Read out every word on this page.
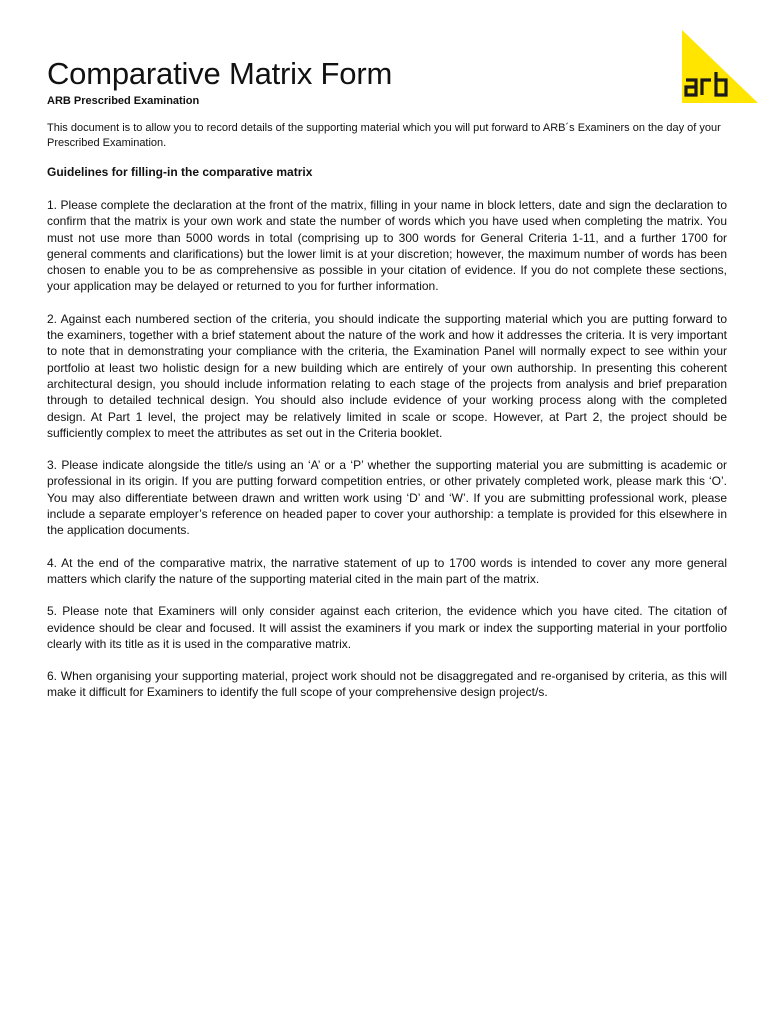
Comparative Matrix Form

ARB Prescribed Examination

This document is to allow you to record details of the supporting material which you will put forward to ARB´s Examiners on the day of your Prescribed Examination.

Guidelines for filling-in the comparative matrix

1. Please complete the declaration at the front of the matrix, filling in your name in block letters, date and sign the declaration to confirm that the matrix is your own work and state the number of words which you have used when completing the matrix. You must not use more than 5000 words in total (comprising up to 300 words for General Criteria 1-11, and a further 1700 for general comments and clarifications) but the lower limit is at your discretion; however, the maximum number of words has been chosen to enable you to be as comprehensive as possible in your citation of evidence. If you do not complete these sections, your application may be delayed or returned to you for further information.

2. Against each numbered section of the criteria, you should indicate the supporting material which you are putting forward to the examiners, together with a brief statement about the nature of the work and how it addresses the criteria. It is very important to note that in demonstrating your compliance with the criteria, the Examination Panel will normally expect to see within your portfolio at least two holistic design for a new building which are entirely of your own authorship. In presenting this coherent architectural design, you should include information relating to each stage of the projects from analysis and brief preparation through to detailed technical design. You should also include evidence of your working process along with the completed design. At Part 1 level, the project may be relatively limited in scale or scope. However, at Part 2, the project should be sufficiently complex to meet the attributes as set out in the Criteria booklet.

3. Please indicate alongside the title/s using an ‘A’ or a ‘P’ whether the supporting material you are submitting is academic or professional in its origin. If you are putting forward competition entries, or other privately completed work, please mark this ‘O’. You may also differentiate between drawn and written work using ‘D’ and ‘W’. If you are submitting professional work, please include a separate employer’s reference on headed paper to cover your authorship: a template is provided for this elsewhere in the application documents.

4. At the end of the comparative matrix, the narrative statement of up to 1700 words is intended to cover any more general matters which clarify the nature of the supporting material cited in the main part of the matrix.

5. Please note that Examiners will only consider against each criterion, the evidence which you have cited. The citation of evidence should be clear and focused. It will assist the examiners if you mark or index the supporting material in your portfolio clearly with its title as it is used in the comparative matrix.

6. When organising your supporting material, project work should not be disaggregated and re-organised by criteria, as this will make it difficult for Examiners to identify the full scope of your comprehensive design project/s.
